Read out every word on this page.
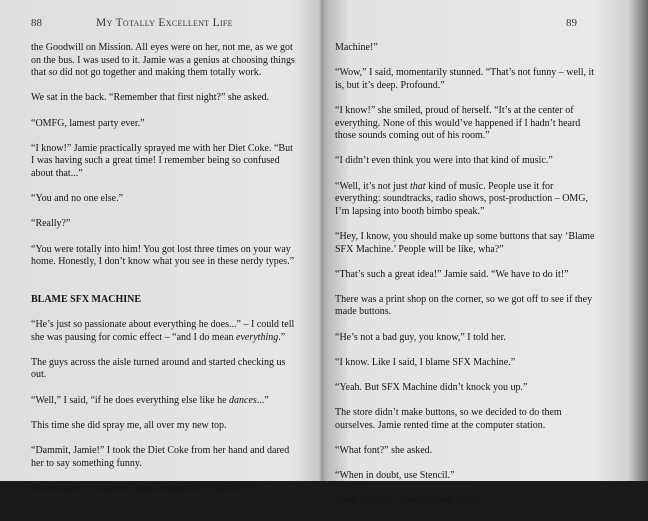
88	My Totally Excellent Life

the Goodwill on Mission. All eyes were on her, not me, as we got on the bus. I was used to it. Jamie was a genius at choosing things that so did not go together and making them totally work.

We sat in the back. “Remember that first night?” she asked.

“OMFG, lamest party ever.”

“I know!” Jamie practically sprayed me with her Diet Coke. “But I was having such a great time! I remember being so confused about that...”

“You and no one else.”

“Really?”

“You were totally into him! You got lost three times on your way home. Honestly, I don’t know what you see in these nerdy types.”

BLAME SFX MACHINE

“He’s just so passionate about everything he does...” – I could tell she was pausing for comic effect – “and I do mean everything.”

The guys across the aisle turned around and started checking us out.

“Well,” I said, “if he does everything else like he dances...”

This time she did spray me, all over my new top.

“Dammit, Jamie!” I took the Diet Coke from her hand and dared her to say something funny.

She thought for a second, then announced, “I blame SFX

89

Machine!”

“Wow,” I said, momentarily stunned. “That’s not funny – well, it is, but it’s deep. Profound.”

“I know!” she smiled, proud of herself. “It’s at the center of everything. None of this would’ve happened if I hadn’t heard those sounds coming out of his room.”

“I didn’t even think you were into that kind of music.”

“Well, it’s not just that kind of music. People use it for everything: soundtracks, radio shows, post-production – OMG, I’m lapsing into booth bimbo speak.”

“Hey, I know, you should make up some buttons that say ‘Blame SFX Machine.’ People will be like, wha?”

“That’s such a great idea!” Jamie said. “We have to do it!”

There was a print shop on the corner, so we got off to see if they made buttons.

“He’s not a bad guy, you know,” I told her.

“I know. Like I said, I blame SFX Machine.”

“Yeah. But SFX Machine didn’t knock you up.”

The store didn’t make buttons, so we decided to do them ourselves. Jamie rented time at the computer station.

“What font?” she asked.

“When in doubt, use Stencil.”

Jamie nodded. “Always good advice.”
